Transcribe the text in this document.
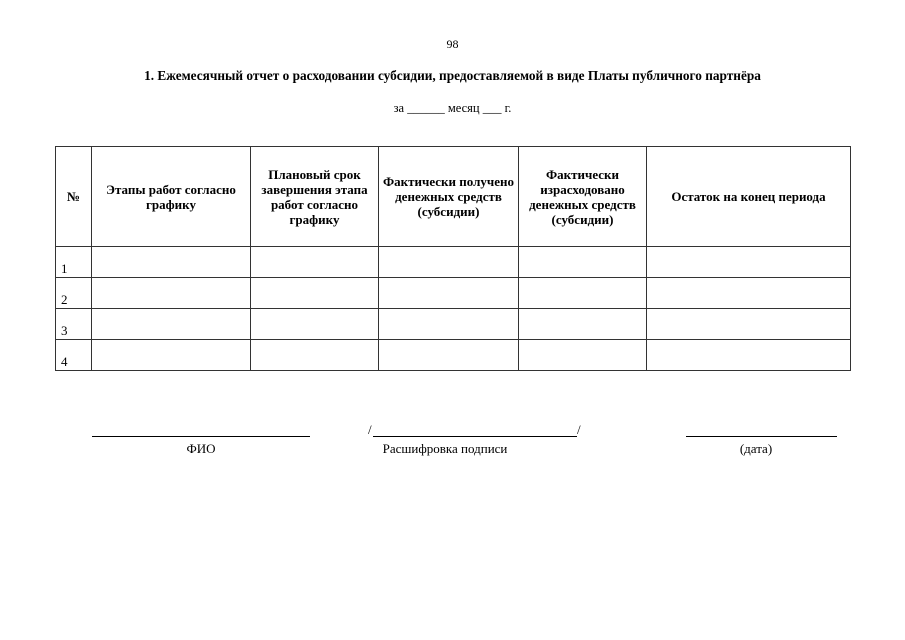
98
1. Ежемесячный отчет о расходовании субсидии, предоставляемой в виде Платы публичного партнёра
за ______ месяц ___ г.
№	Этапы работ согласно графику	Плановый срок завершения этапа работ согласно графику	Фактически получено денежных средств (субсидии)	Фактически израсходовано денежных средств (субсидии)	Остаток на конец периода
1					
2					
3					
4					
ФИО
/	/
Расшифровка подписи	(дата)
